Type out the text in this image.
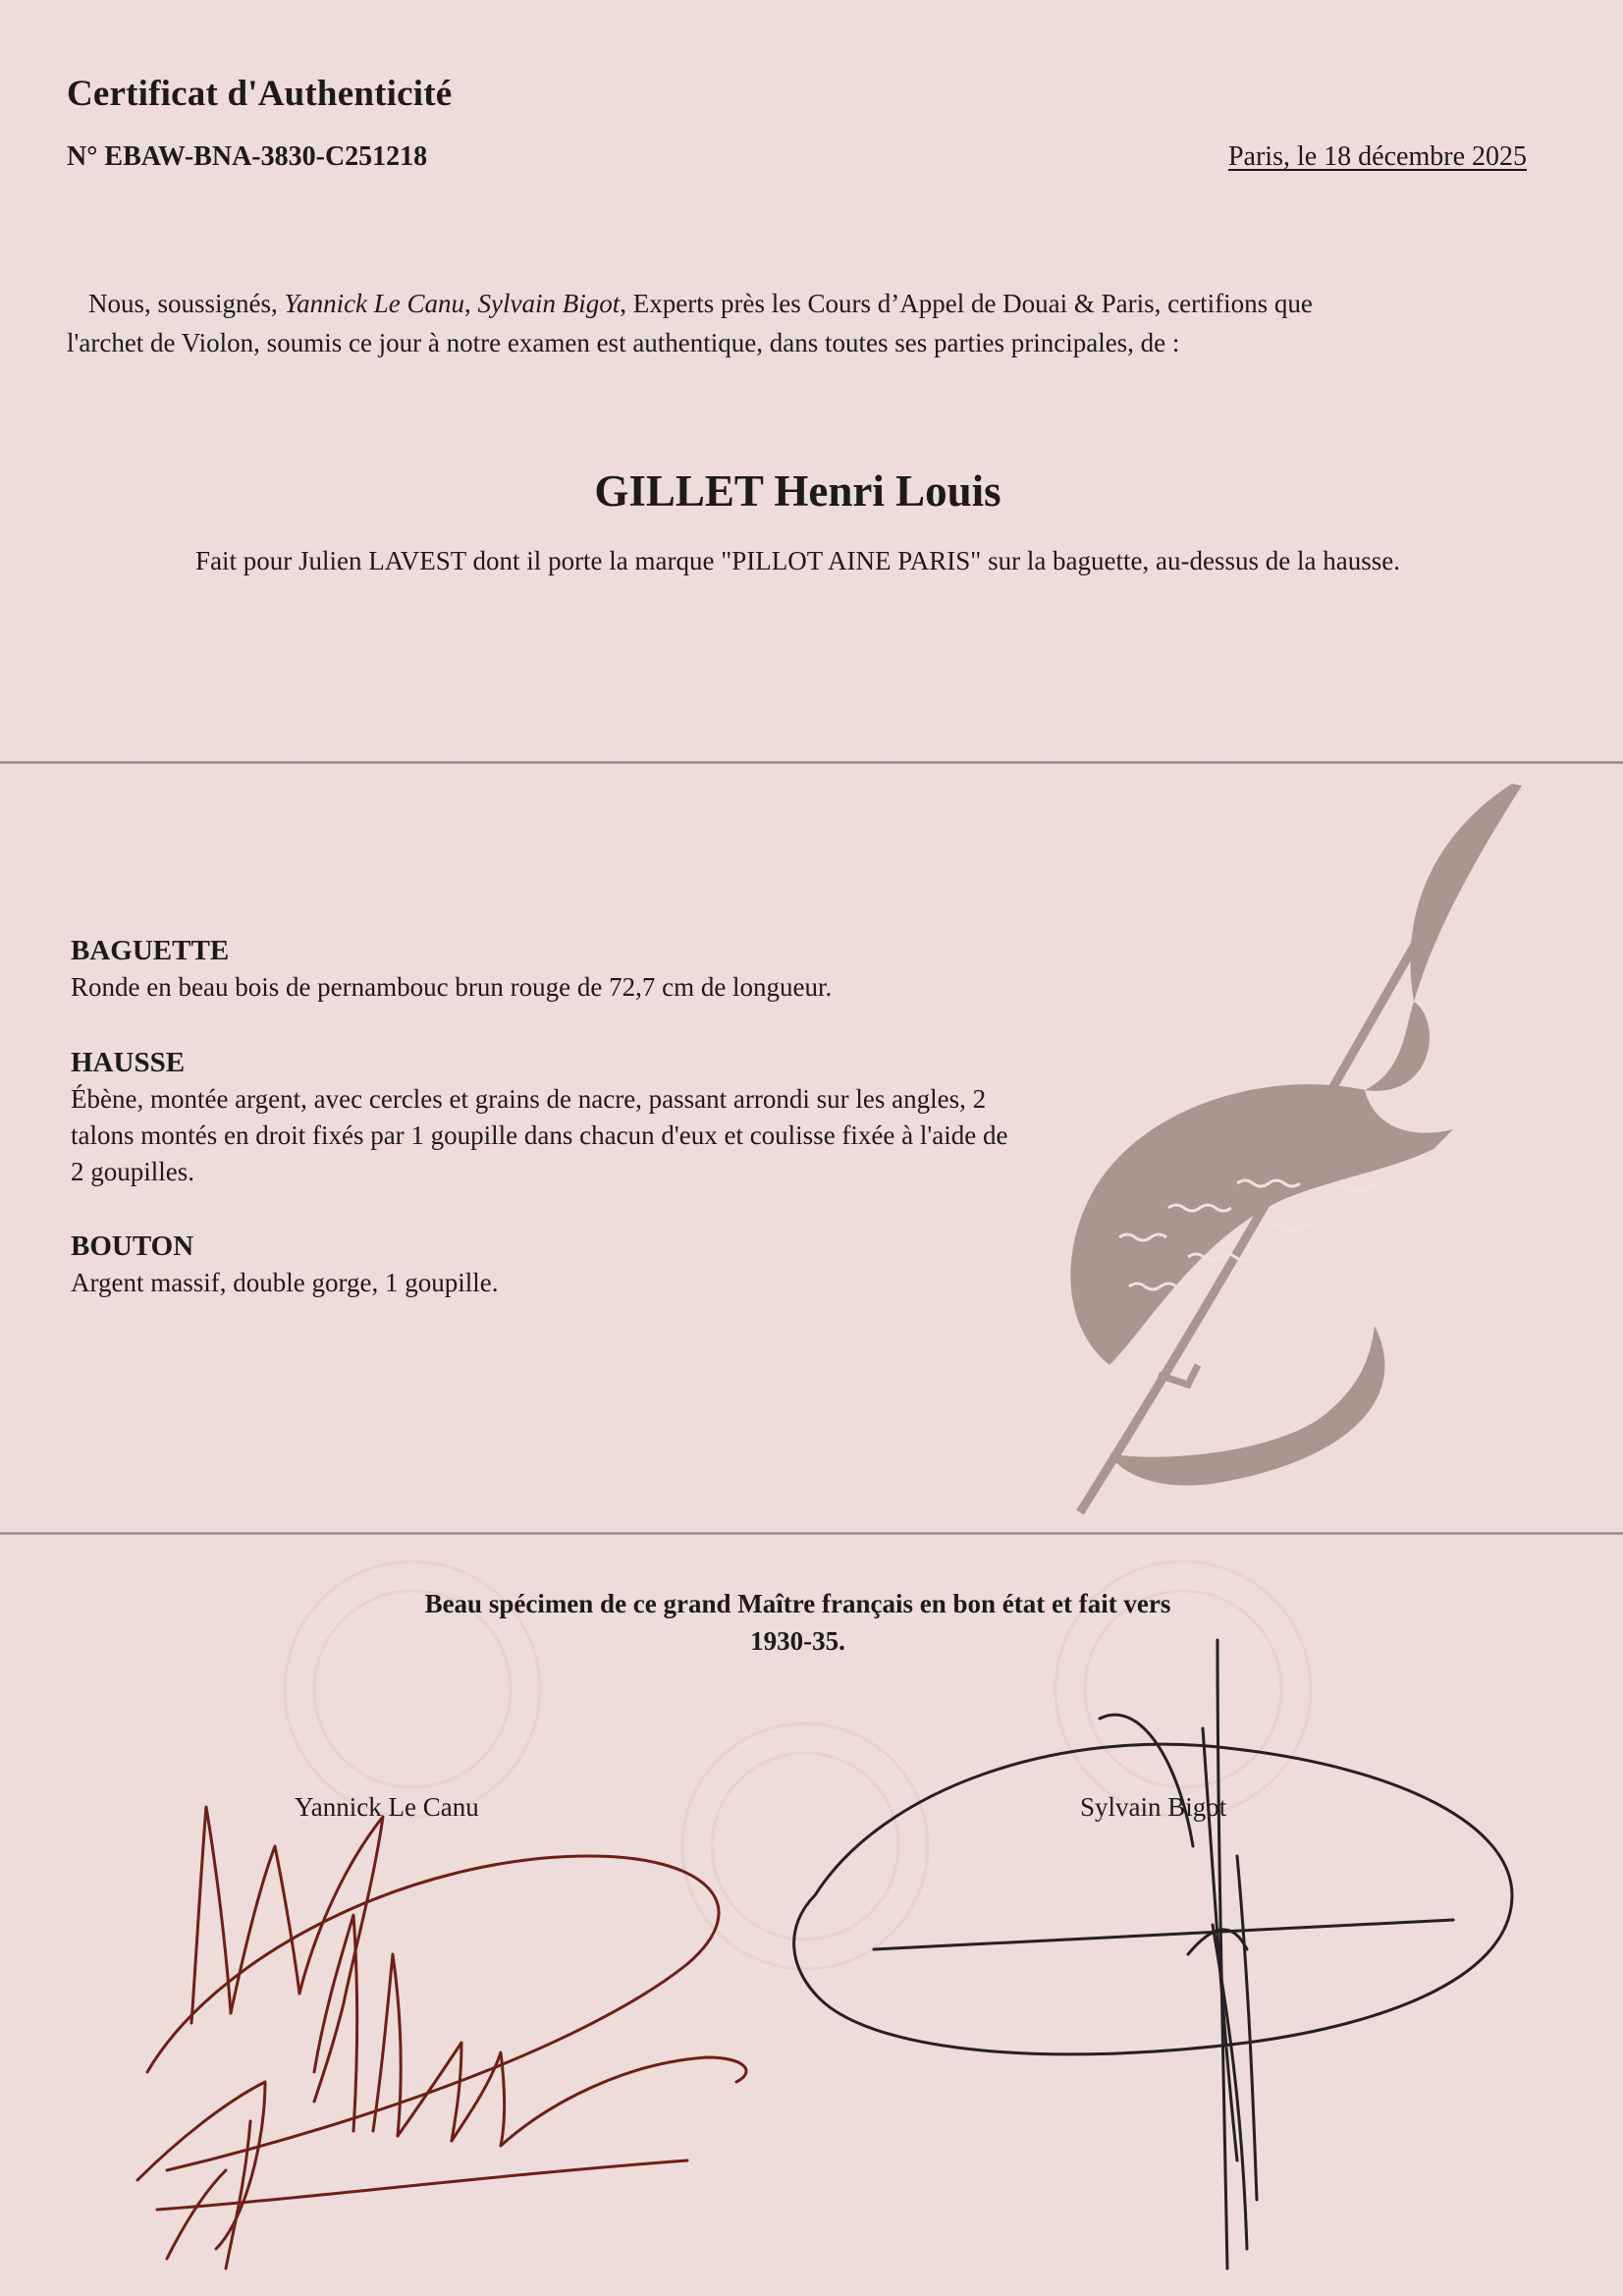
Certificat d'Authenticité
N° EBAW-BNA-3830-C251218	Paris, le 18 décembre 2025
Nous, soussignés, Yannick Le Canu, Sylvain Bigot, Experts près les Cours d’Appel de Douai & Paris, certifions que
l'archet de Violon, soumis ce jour à notre examen est authentique, dans toutes ses parties principales, de :
GILLET Henri Louis
Fait pour Julien LAVEST dont il porte la marque "PILLOT AINE PARIS" sur la baguette, au-dessus de la hausse.
BAGUETTE

Ronde en beau bois de pernambouc brun rouge de 72,7 cm de longueur.

HAUSSE

Ébène, montée argent, avec cercles et grains de nacre, passant arrondi sur les angles, 2 talons montés en droit fixés par 1 goupille dans chacun d'eux et coulisse fixée à l'aide de 2 goupilles.

BOUTON

Argent massif, double gorge, 1 goupille.

Beau spécimen de ce grand Maître français en bon état et fait vers
1930-35.
Yannick Le Canu	Sylvain Bigot
